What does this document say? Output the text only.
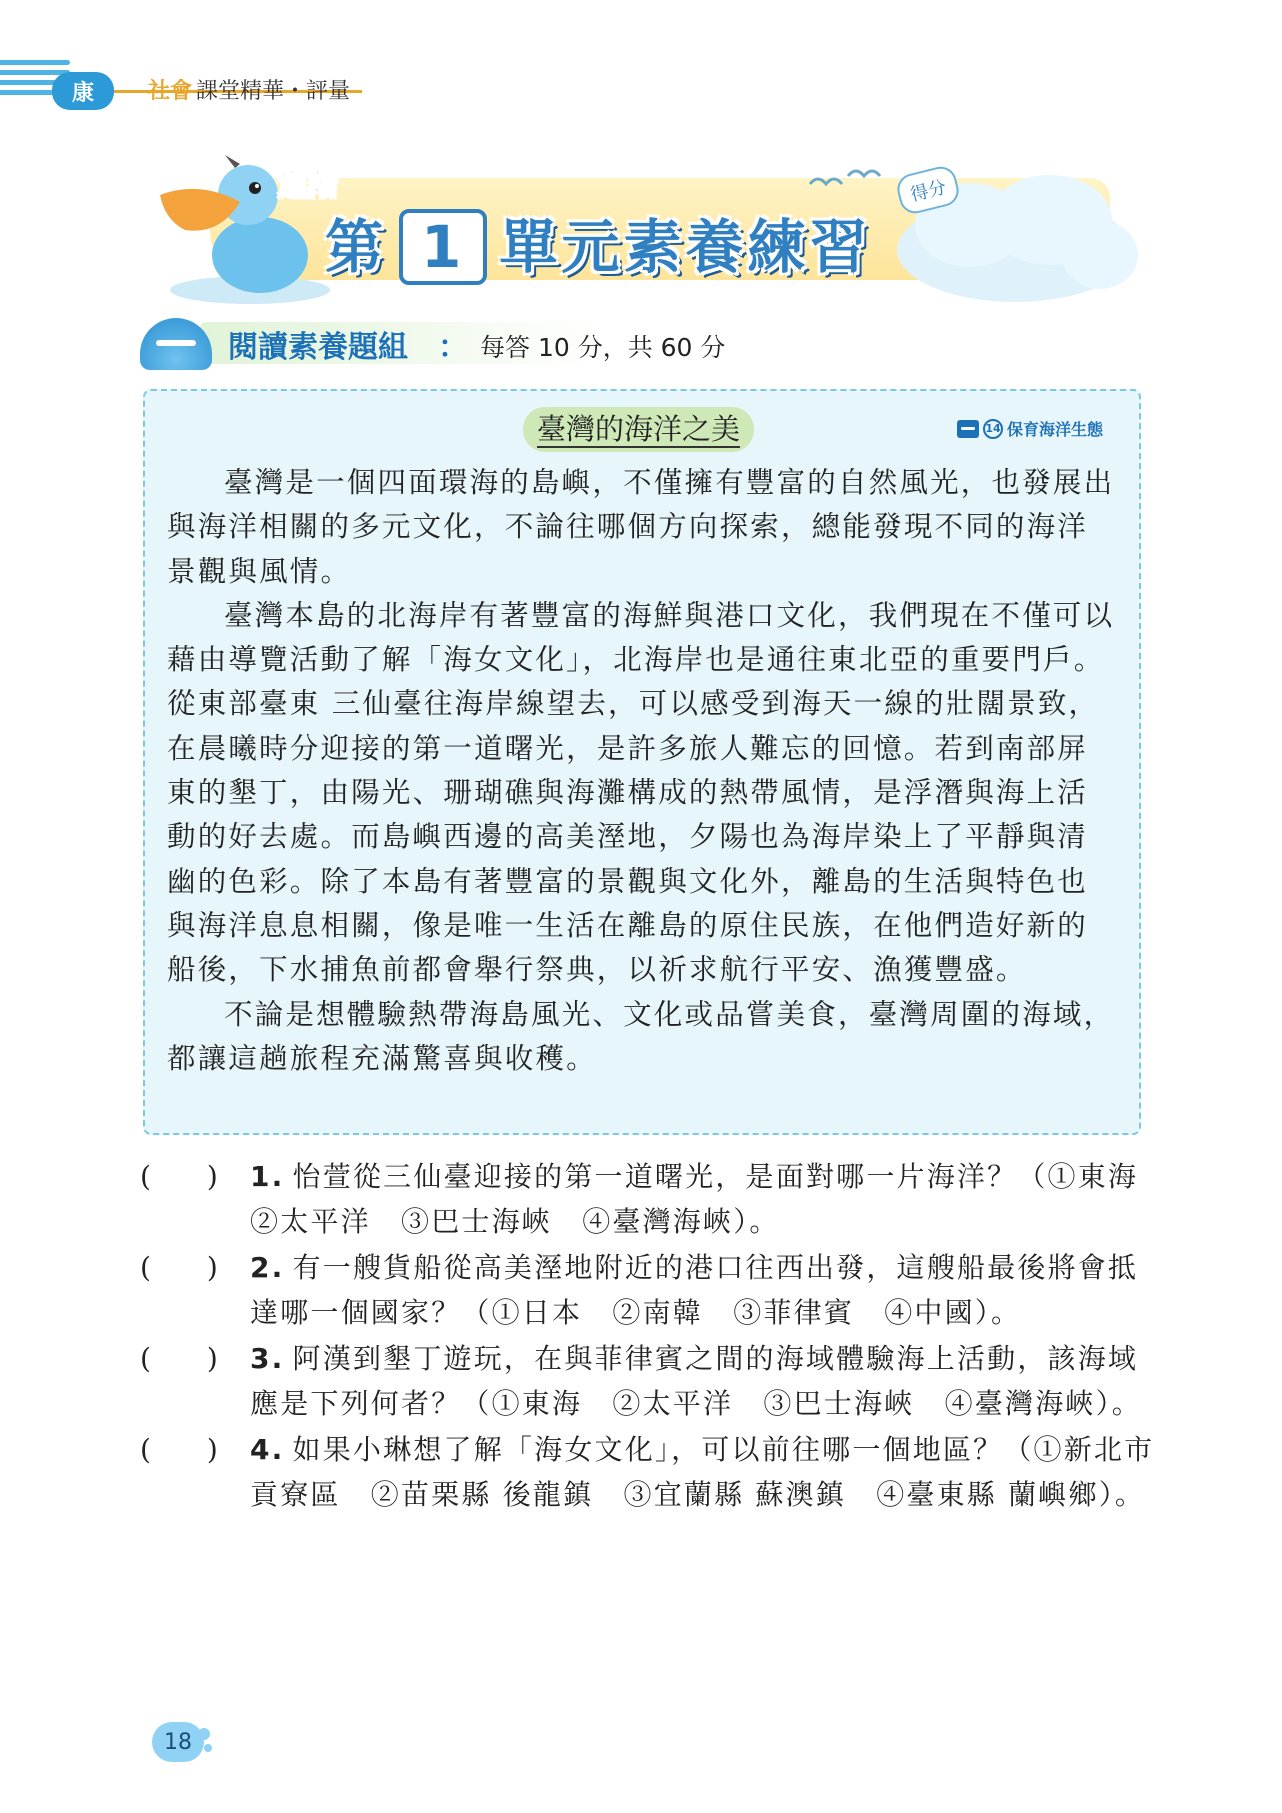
康	社會 課堂精華・評量
進階
第 1 單元素養練習
得分
閱讀素養題組 ： 每答 10 分，共 60 分
臺灣的海洋之美	14 保育海洋生態

臺灣是一個四面環海的島嶼，不僅擁有豐富的自然風光，也發展出與海洋相關的多元文化，不論往哪個方向探索，總能發現不同的海洋景觀與風情。

臺灣本島的北海岸有著豐富的海鮮與港口文化，我們現在不僅可以藉由導覽活動了解「海女文化」，北海岸也是通往東北亞的重要門戶。從東部臺東 三仙臺往海岸線望去，可以感受到海天一線的壯闊景致，在晨曦時分迎接的第一道曙光，是許多旅人難忘的回憶。若到南部屏東的墾丁，由陽光、珊瑚礁與海灘構成的熱帶風情，是浮潛與海上活動的好去處。而島嶼西邊的高美溼地，夕陽也為海岸染上了平靜與清幽的色彩。除了本島有著豐富的景觀與文化外，離島的生活與特色也與海洋息息相關，像是唯一生活在離島的原住民族，在他們造好新的船後，下水捕魚前都會舉行祭典，以祈求航行平安、漁獲豐盛。

不論是想體驗熱帶海島風光、文化或品嘗美食，臺灣周圍的海域，都讓這趟旅程充滿驚喜與收穫。

(　　) 1. 怡萱從三仙臺迎接的第一道曙光，是面對哪一片海洋？（①東海　②太平洋　③巴士海峽　④臺灣海峽）。
(　　) 2. 有一艘貨船從高美溼地附近的港口往西出發，這艘船最後將會抵達哪一個國家？（①日本　②南韓　③菲律賓　④中國）。
(　　) 3. 阿漢到墾丁遊玩，在與菲律賓之間的海域體驗海上活動，該海域應是下列何者？（①東海　②太平洋　③巴士海峽　④臺灣海峽）。
(　　) 4. 如果小琳想了解「海女文化」，可以前往哪一個地區？（①新北市 貢寮區　②苗栗縣 後龍鎮　③宜蘭縣 蘇澳鎮　④臺東縣 蘭嶼鄉）。
18
